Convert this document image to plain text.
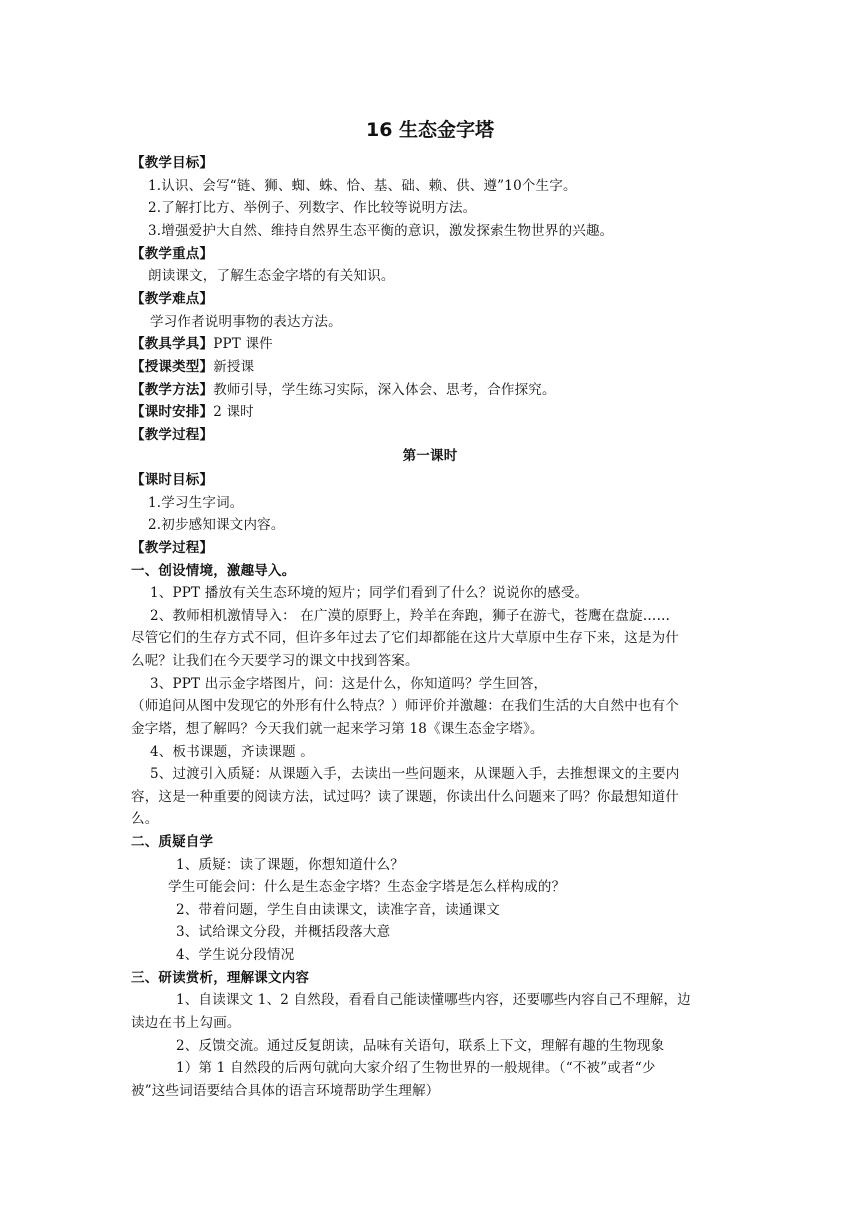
16 生态金字塔
【教学目标】
1.认识、会写“链、狮、蜘、蛛、恰、基、础、赖、供、遵”10个生字。
2.了解打比方、举例子、列数字、作比较等说明方法。
3.增强爱护大自然、维持自然界生态平衡的意识，激发探索生物世界的兴趣。
【教学重点】
朗读课文，了解生态金字塔的有关知识。
【教学难点】
学习作者说明事物的表达方法。
【教具学具】PPT 课件
【授课类型】新授课
【教学方法】教师引导，学生练习实际，深入体会、思考，合作探究。
【课时安排】2 课时
【教学过程】
第一课时
【课时目标】
1.学习生字词。
2.初步感知课文内容。
【教学过程】
一、创设情境，激趣导入。
1、PPT 播放有关生态环境的短片；同学们看到了什么？说说你的感受。
2、教师相机激情导入： 在广漠的原野上，羚羊在奔跑，狮子在游弋，苍鹰在盘旋……
尽管它们的生存方式不同，但许多年过去了它们却都能在这片大草原中生存下来，这是为什
么呢？让我们在今天要学习的课文中找到答案。
3、PPT 出示金字塔图片，问：这是什么，你知道吗？学生回答，
（师追问从图中发现它的外形有什么特点？）师评价并激趣：在我们生活的大自然中也有个
金字塔，想了解吗？今天我们就一起来学习第 18《课生态金字塔》。
4、板书课题，齐读课题 。
5、过渡引入质疑：从课题入手，去读出一些问题来，从课题入手，去推想课文的主要内
容，这是一种重要的阅读方法，试过吗？读了课题，你读出什么问题来了吗？你最想知道什
么。
二、质疑自学
1、质疑：读了课题，你想知道什么？
学生可能会问：什么是生态金字塔？生态金字塔是怎么样构成的？
2、带着问题，学生自由读课文，读准字音，读通课文
3、试给课文分段，并概括段落大意
4、学生说分段情况
三、研读赏析，理解课文内容
1、自读课文 1、2 自然段，看看自己能读懂哪些内容，还要哪些内容自己不理解，边
读边在书上勾画。
2、反馈交流。通过反复朗读，品味有关语句，联系上下文，理解有趣的生物现象
1）第 1 自然段的后两句就向大家介绍了生物世界的一般规律。（“不被”或者“少
被”这些词语要结合具体的语言环境帮助学生理解）
